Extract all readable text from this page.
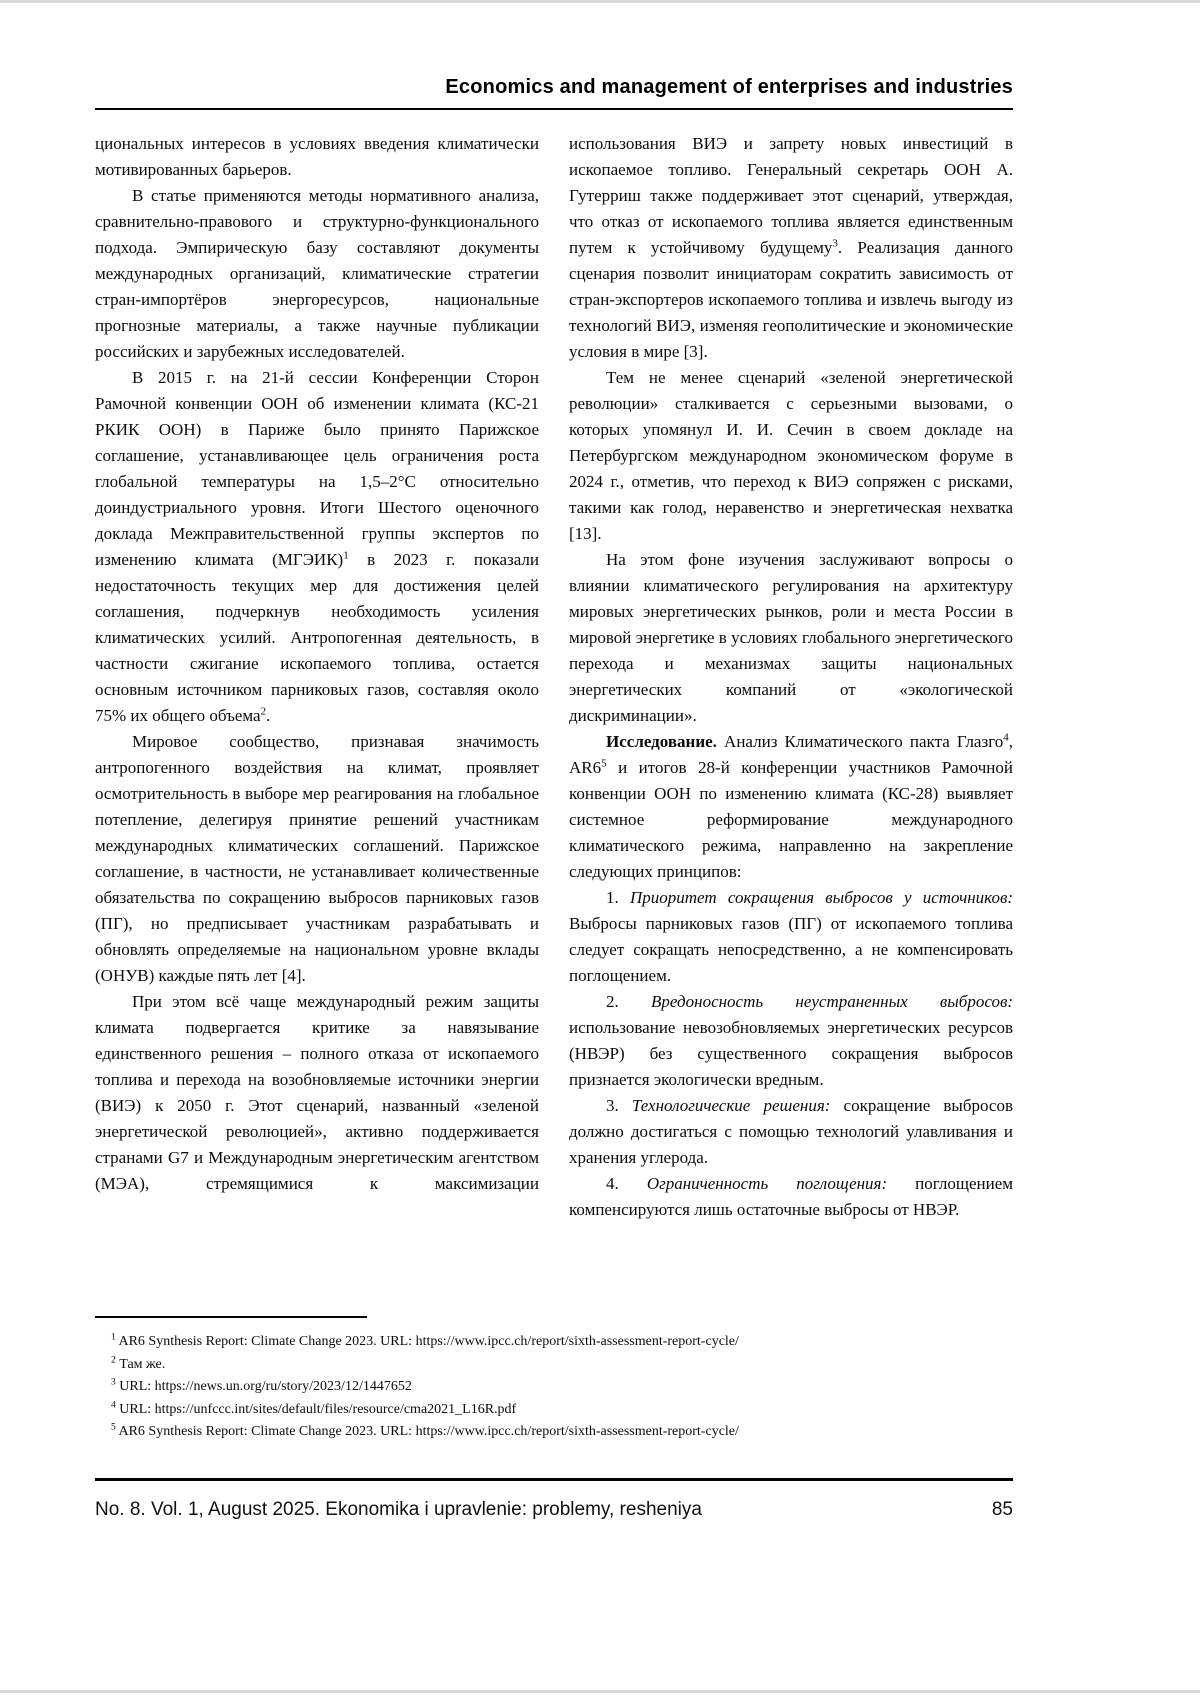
Economics and management of enterprises and industries

циональных интересов в условиях введения климатически мотивированных барьеров.

В статье применяются методы нормативного анализа, сравнительно-правового и структурно-функционального подхода. Эмпирическую базу составляют документы международных организаций, климатические стратегии стран-импортёров энергоресурсов, национальные прогнозные материалы, а также научные публикации российских и зарубежных исследователей.

В 2015 г. на 21-й сессии Конференции Сторон Рамочной конвенции ООН об изменении климата (КС-21 РКИК ООН) в Париже было принято Парижское соглашение, устанавливающее цель ограничения роста глобальной температуры на 1,5–2°С относительно доиндустриального уровня. Итоги Шестого оценочного доклада Межправительственной группы экспертов по изменению климата (МГЭИК)$^1$ в 2023 г. показали недостаточность текущих мер для достижения целей соглашения, подчеркнув необходимость усиления климатических усилий. Антропогенная деятельность, в частности сжигание ископаемого топлива, остается основным источником парниковых газов, составляя около 75% их общего объема$^2$.

Мировое сообщество, признавая значимость антропогенного воздействия на климат, проявляет осмотрительность в выборе мер реагирования на глобальное потепление, делегируя принятие решений участникам международных климатических соглашений. Парижское соглашение, в частности, не устанавливает количественные обязательства по сокращению выбросов парниковых газов (ПГ), но предписывает участникам разрабатывать и обновлять определяемые на национальном уровне вклады (ОНУВ) каждые пять лет [4].

При этом всё чаще международный режим защиты климата подвергается критике за навязывание единственного решения – полного отказа от ископаемого топлива и перехода на возобновляемые источники энергии (ВИЭ) к 2050 г. Этот сценарий, названный «зеленой энергетической революцией», активно поддерживается странами G7 и Международным энергетическим агентством (МЭА), стремящимися к максимизации

использования ВИЭ и запрету новых инвестиций в ископаемое топливо. Генеральный секретарь ООН А. Гутерриш также поддерживает этот сценарий, утверждая, что отказ от ископаемого топлива является единственным путем к устойчивому будущему$^3$. Реализация данного сценария позволит инициаторам сократить зависимость от стран-экспортеров ископаемого топлива и извлечь выгоду из технологий ВИЭ, изменяя геополитические и экономические условия в мире [3].

Тем не менее сценарий «зеленой энергетической революции» сталкивается с серьезными вызовами, о которых упомянул И. И. Сечин в своем докладе на Петербургском международном экономическом форуме в 2024 г., отметив, что переход к ВИЭ сопряжен с рисками, такими как голод, неравенство и энергетическая нехватка [13].

На этом фоне изучения заслуживают вопросы о влиянии климатического регулирования на архитектуру мировых энергетических рынков, роли и места России в мировой энергетике в условиях глобального энергетического перехода и механизмах защиты национальных энергетических компаний от «экологической дискриминации».

Исследование. Анализ Климатического пакта Глазго$^4$, $AR6^5$ и итогов 28-й конференции участников Рамочной конвенции ООН по изменению климата (КС-28) выявляет системное реформирование международного климатического режима, направленно на закрепление следующих принципов:

1. Приоритет сокращения выбросов у источников: Выбросы парниковых газов (ПГ) от ископаемого топлива следует сокращать непосредственно, а не компенсировать поглощением.

2. Вредоносность неустраненных выбросов: использование невозобновляемых энергетических ресурсов (НВЭР) без существенного сокращения выбросов признается экологически вредным.

3. Технологические решения: сокращение выбросов должно достигаться с помощью технологий улавливания и хранения углерода.

4. Ограниченность поглощения: поглощением компенсируются лишь остаточные выбросы от НВЭР.

$^1$ AR6 Synthesis Report: Climate Change 2023. URL: https://www.ipcc.ch/report/sixth-assessment-report-cycle/

$^2$ Там же.

$^3$ URL: https://news.un.org/ru/story/2023/12/1447652

$^4$ URL: https://unfccc.int/sites/default/files/resource/cma2021_L16R.pdf

$^5$ AR6 Synthesis Report: Climate Change 2023. URL: https://www.ipcc.ch/report/sixth-assessment-report-cycle/

No. 8. Vol. 1, August 2025. Ekonomika i upravlenie: problemy, resheniya	85
